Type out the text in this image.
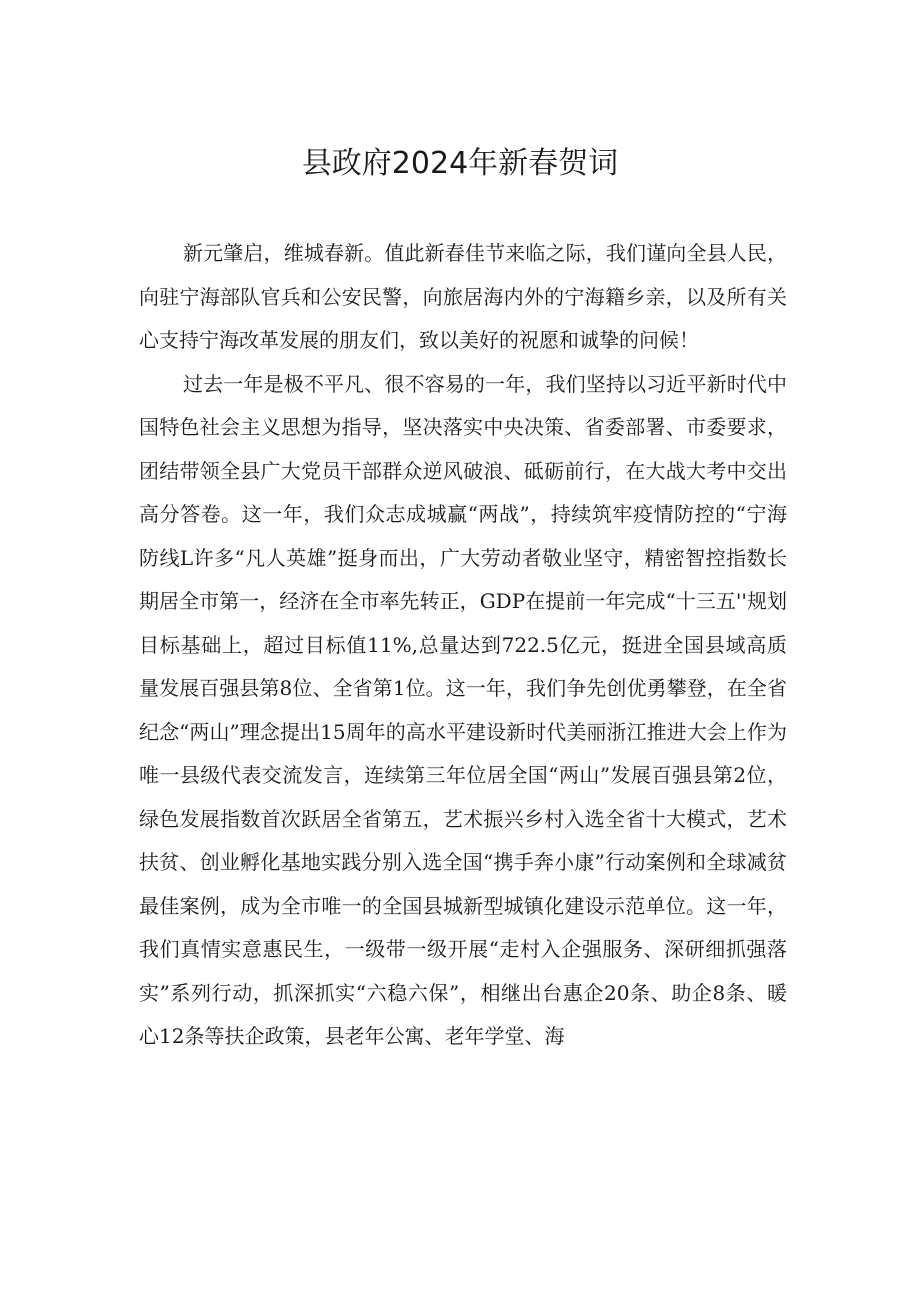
县政府2024年新春贺词

新元肇启，维城春新。值此新春佳节来临之际，我们谨向全县人民，向驻宁海部队官兵和公安民警，向旅居海内外的宁海籍乡亲，以及所有关心支持宁海改革发展的朋友们，致以美好的祝愿和诚挚的问候！

过去一年是极不平凡、很不容易的一年，我们坚持以习近平新时代中国特色社会主义思想为指导，坚决落实中央决策、省委部署、市委要求，团结带领全县广大党员干部群众逆风破浪、砥砺前行，在大战大考中交出高分答卷。这一年，我们众志成城赢“两战”，持续筑牢疫情防控的“宁海防线L许多“凡人英雄”挺身而出，广大劳动者敬业坚守，精密智控指数长期居全市第一，经济在全市率先转正，GDP在提前一年完成“十三五''规划目标基础上，超过目标值11%,总量达到722.5亿元，挺进全国县域高质量发展百强县第8位、全省第1位。这一年，我们争先创优勇攀登，在全省纪念“两山”理念提出15周年的高水平建设新时代美丽浙江推进大会上作为唯一县级代表交流发言，连续第三年位居全国“两山”发展百强县第2位，绿色发展指数首次跃居全省第五，艺术振兴乡村入选全省十大模式，艺术扶贫、创业孵化基地实践分别入选全国“携手奔小康”行动案例和全球减贫最佳案例，成为全市唯一的全国县城新型城镇化建设示范单位。这一年，我们真情实意惠民生，一级带一级开展“走村入企强服务、深研细抓强落实”系列行动，抓深抓实“六稳六保”，相继出台惠企20条、助企8条、暖心12条等扶企政策，县老年公寓、老年学堂、海
